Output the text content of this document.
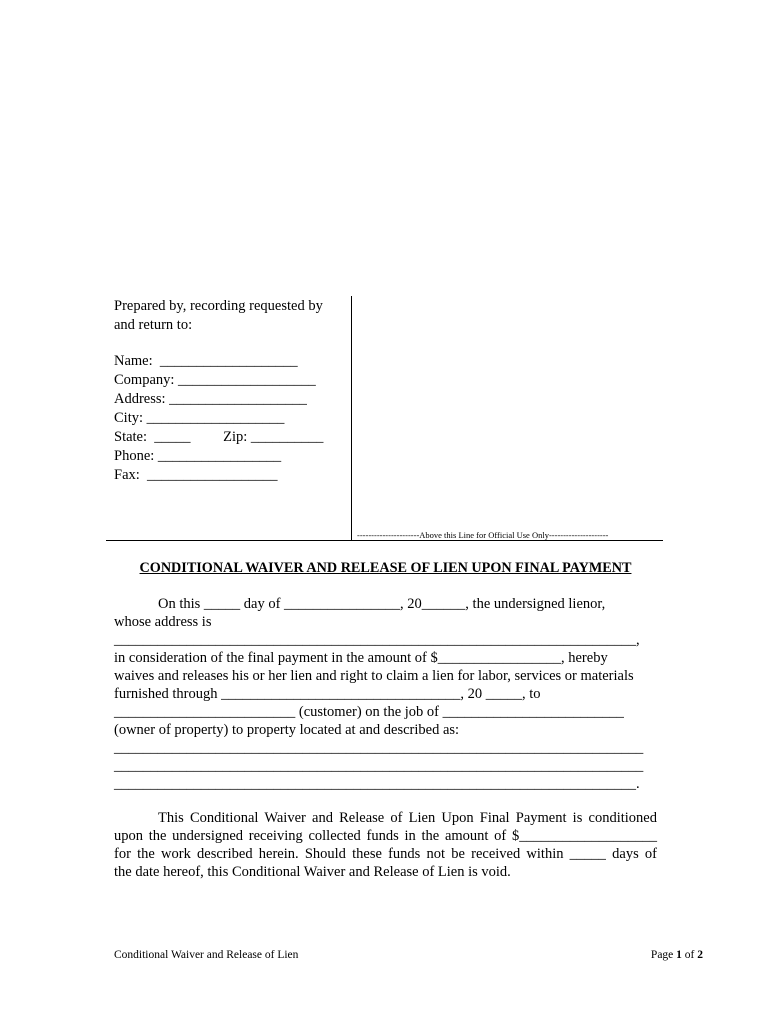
Prepared by, recording requested by
and return to:
Name:  ___________________
Company: ___________________
Address: ___________________
City: ___________________
State:  _____         Zip: __________
Phone: _________________
Fax:  __________________
----------------------Above this Line for Official Use Only---------------------
CONDITIONAL WAIVER AND RELEASE OF LIEN UPON FINAL PAYMENT
On this _____ day of ________________, 20______, the undersigned lienor,
whose address is
________________________________________________________________________,
in consideration of the final payment in the amount of $_________________, hereby
waives and releases his or her lien and right to claim a lien for labor, services or materials
furnished through _________________________________, 20 _____, to
_________________________ (customer) on the job of _________________________
(owner of property) to property located at and described as:
_________________________________________________________________________
_________________________________________________________________________
________________________________________________________________________.
This Conditional Waiver and Release of Lien Upon Final Payment is conditioned
upon the undersigned receiving collected funds in the amount of $___________________
for the work described herein. Should these funds not be received within _____ days of
the date hereof, this Conditional Waiver and Release of Lien is void.
Conditional Waiver and Release of Lien	Page 1 of 2
